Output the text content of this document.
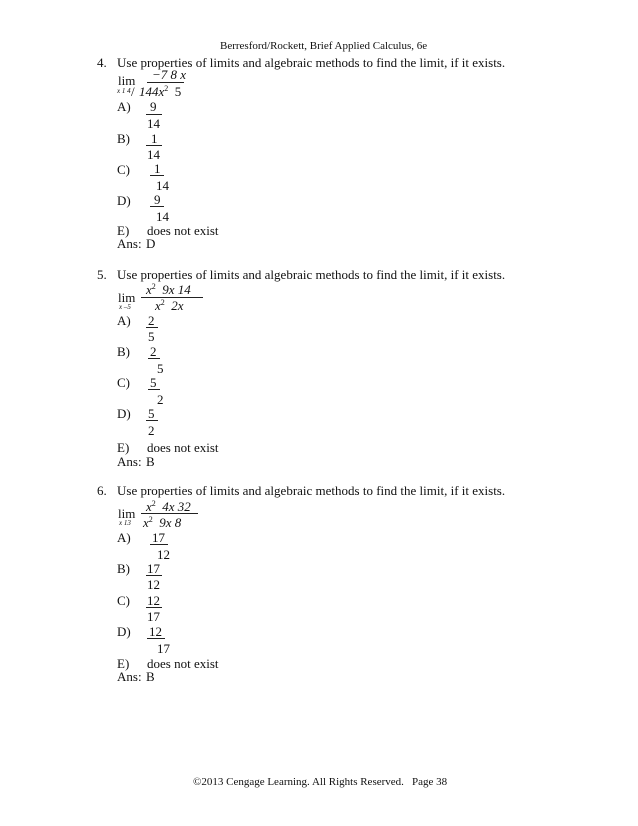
Berresford/Rockett, Brief Applied Calculus, 6e
4. Use properties of limits and algebraic methods to find the limit, if it exists.
lim
x 1 4
−7 8 x
/ $144x^2$ 5
A) 9
14
B) 1
14
C) 1
14
D) 9
14
E) does not exist
Ans: D
5. Use properties of limits and algebraic methods to find the limit, if it exists.
lim
x –5
$x^2$ 9x 14
$x^2$ 2x
A) 2
5
B) 2
5
C) 5
2
D) 5
2
E) does not exist
Ans: B
6. Use properties of limits and algebraic methods to find the limit, if it exists.
lim
x 13
$x^2$ 4x 32
$x^2$ 9x 8
A) 17
12
B) 17
12
C) 12
17
D) 12
17
E) does not exist
Ans: B
©2013 Cengage Learning. All Rights Reserved. Page 38
